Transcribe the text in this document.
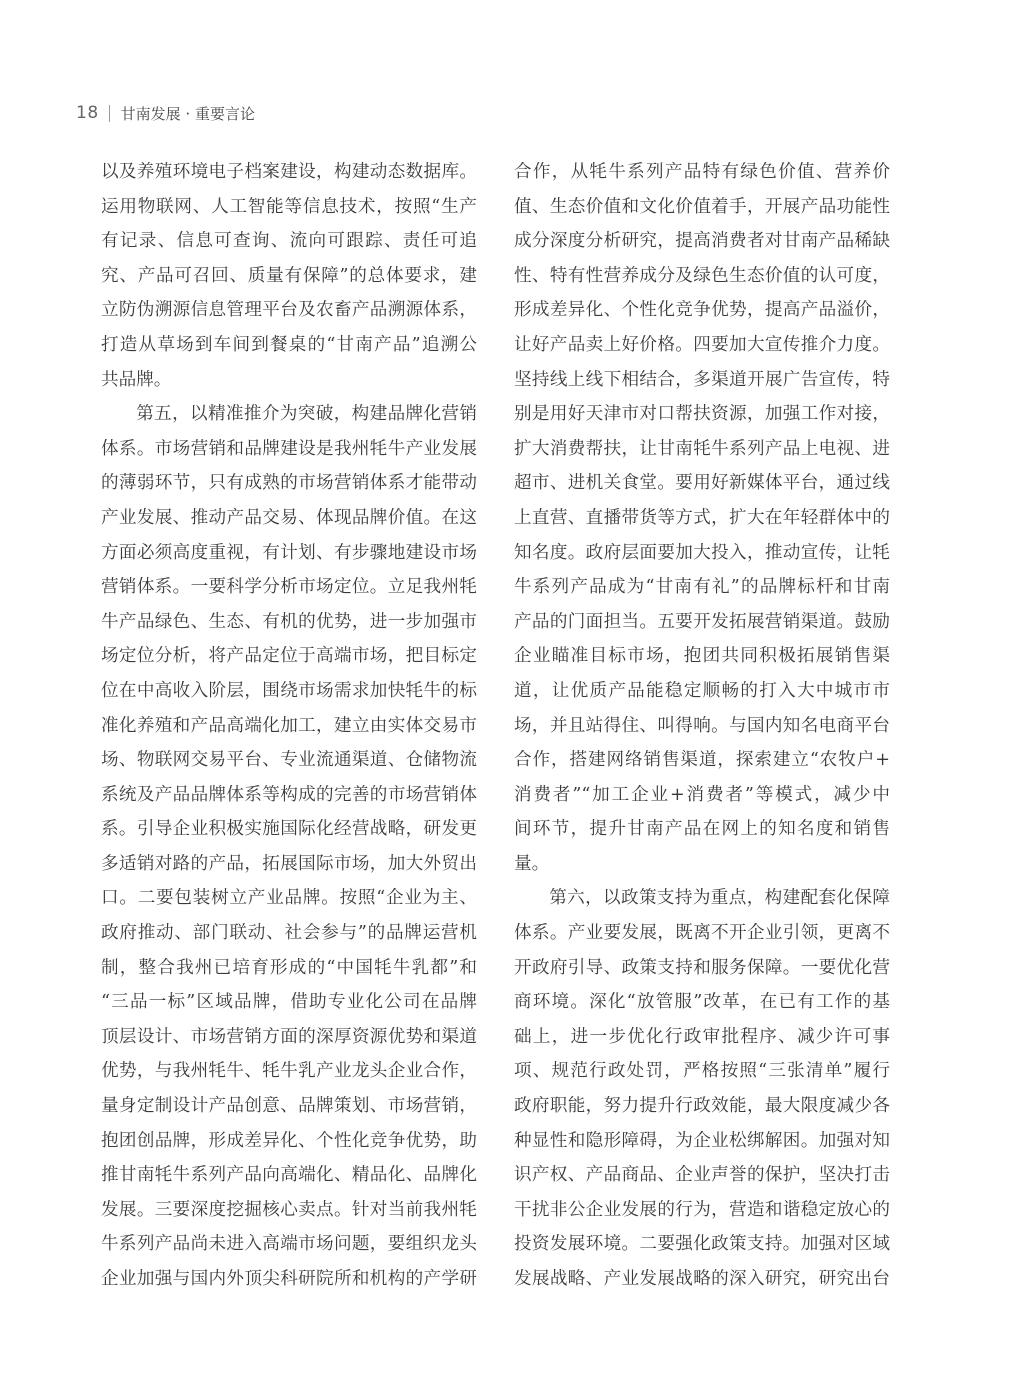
18 甘南发展 · 重要言论
以及养殖环境电子档案建设，构建动态数据库。
运用物联网、人工智能等信息技术，按照“生产
有记录、信息可查询、流向可跟踪、责任可追
究、产品可召回、质量有保障”的总体要求，建
立防伪溯源信息管理平台及农畜产品溯源体系，
打造从草场到车间到餐桌的“甘南产品”追溯公
共品牌。
第五，以精准推介为突破，构建品牌化营销
体系。市场营销和品牌建设是我州牦牛产业发展
的薄弱环节，只有成熟的市场营销体系才能带动
产业发展、推动产品交易、体现品牌价值。在这
方面必须高度重视，有计划、有步骤地建设市场
营销体系。一要科学分析市场定位。立足我州牦
牛产品绿色、生态、有机的优势，进一步加强市
场定位分析，将产品定位于高端市场，把目标定
位在中高收入阶层，围绕市场需求加快牦牛的标
准化养殖和产品高端化加工，建立由实体交易市
场、物联网交易平台、专业流通渠道、仓储物流
系统及产品品牌体系等构成的完善的市场营销体
系。引导企业积极实施国际化经营战略，研发更
多适销对路的产品，拓展国际市场，加大外贸出
口。二要包装树立产业品牌。按照“企业为主、
政府推动、部门联动、社会参与”的品牌运营机
制，整合我州已培育形成的“中国牦牛乳都”和
“三品一标”区域品牌，借助专业化公司在品牌
顶层设计、市场营销方面的深厚资源优势和渠道
优势，与我州牦牛、牦牛乳产业龙头企业合作，
量身定制设计产品创意、品牌策划、市场营销，
抱团创品牌，形成差异化、个性化竞争优势，助
推甘南牦牛系列产品向高端化、精品化、品牌化
发展。三要深度挖掘核心卖点。针对当前我州牦
牛系列产品尚未进入高端市场问题，要组织龙头
企业加强与国内外顶尖科研院所和机构的产学研
合作，从牦牛系列产品特有绿色价值、营养价
值、生态价值和文化价值着手，开展产品功能性
成分深度分析研究，提高消费者对甘南产品稀缺
性、特有性营养成分及绿色生态价值的认可度，
形成差异化、个性化竞争优势，提高产品溢价，
让好产品卖上好价格。四要加大宣传推介力度。
坚持线上线下相结合，多渠道开展广告宣传，特
别是用好天津市对口帮扶资源，加强工作对接，
扩大消费帮扶，让甘南牦牛系列产品上电视、进
超市、进机关食堂。要用好新媒体平台，通过线
上直营、直播带货等方式，扩大在年轻群体中的
知名度。政府层面要加大投入，推动宣传，让牦
牛系列产品成为“甘南有礼”的品牌标杆和甘南
产品的门面担当。五要开发拓展营销渠道。鼓励
企业瞄准目标市场，抱团共同积极拓展销售渠
道，让优质产品能稳定顺畅的打入大中城市市
场，并且站得住、叫得响。与国内知名电商平台
合作，搭建网络销售渠道，探索建立“农牧户+
消费者”“加工企业+消费者”等模式，减少中
间环节，提升甘南产品在网上的知名度和销售
量。
第六，以政策支持为重点，构建配套化保障
体系。产业要发展，既离不开企业引领，更离不
开政府引导、政策支持和服务保障。一要优化营
商环境。深化“放管服”改革，在已有工作的基
础上，进一步优化行政审批程序、减少许可事
项、规范行政处罚，严格按照“三张清单”履行
政府职能，努力提升行政效能，最大限度减少各
种显性和隐形障碍，为企业松绑解困。加强对知
识产权、产品商品、企业声誉的保护，坚决打击
干扰非公企业发展的行为，营造和谐稳定放心的
投资发展环境。二要强化政策支持。加强对区域
发展战略、产业发展战略的深入研究，研究出台
